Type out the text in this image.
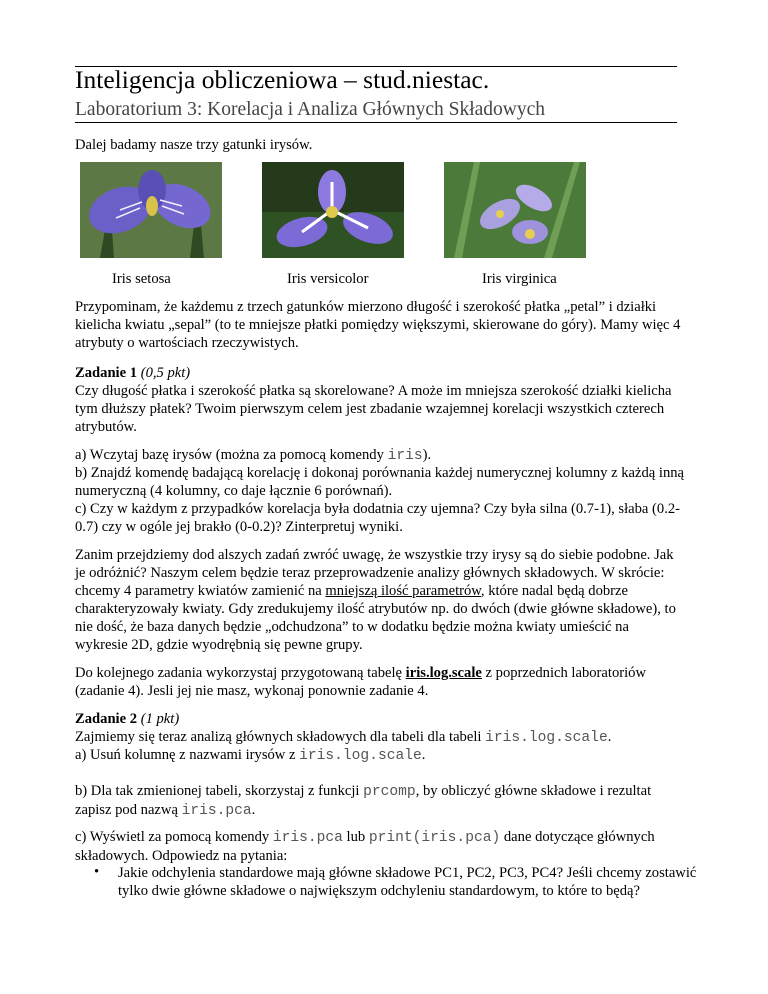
Inteligencja obliczeniowa – stud.niestac.
Laboratorium 3: Korelacja i Analiza Głównych Składowych

Dalej badamy nasze trzy gatunki irysów.

Iris setosa	Iris versicolor	Iris virginica

Przypominam, że każdemu z trzech gatunków mierzono długość i szerokość płatka „petal” i działki kielicha kwiatu „sepal” (to te mniejsze płatki pomiędzy większymi, skierowane do góry). Mamy więc 4 atrybuty o wartościach rzeczywistych.

Zadanie 1 (0,5 pkt)

Czy długość płatka i szerokość płatka są skorelowane? A może im mniejsza szerokość działki kielicha tym dłuższy płatek? Twoim pierwszym celem jest zbadanie wzajemnej korelacji wszystkich czterech atrybutów.

a) Wczytaj bazę irysów (można za pomocą komendy iris).

b) Znajdź komendę badającą korelację i dokonaj porównania każdej numerycznej kolumny z każdą inną numeryczną (4 kolumny, co daje łącznie 6 porównań).

c) Czy w każdym z przypadków korelacja była dodatnia czy ujemna? Czy była silna (0.7-1), słaba (0.2-0.7) czy w ogóle jej brakło (0-0.2)? Zinterpretuj wyniki.

Zanim przejdziemy dod alszych zadań zwróć uwagę, że wszystkie trzy irysy są do siebie podobne. Jak je odróżnić? Naszym celem będzie teraz przeprowadzenie analizy głównych składowych. W skrócie: chcemy 4 parametry kwiatów zamienić na mniejszą ilość parametrów, które nadal będą dobrze charakteryzowały kwiaty. Gdy zredukujemy ilość atrybutów np. do dwóch (dwie główne składowe), to nie dość, że baza danych będzie „odchudzona” to w dodatku będzie można kwiaty umieścić na wykresie 2D, gdzie wyodrębnią się pewne grupy.

Do kolejnego zadania wykorzystaj przygotowaną tabelę iris.log.scale z poprzednich laboratoriów (zadanie 4). Jesli jej nie masz, wykonaj ponownie zadanie 4.

Zadanie 2 (1 pkt)

Zajmiemy się teraz analizą głównych składowych dla tabeli dla tabeli iris.log.scale.

a) Usuń kolumnę z nazwami irysów z iris.log.scale.

b) Dla tak zmienionej tabeli, skorzystaj z funkcji prcomp, by obliczyć główne składowe i rezultat zapisz pod nazwą iris.pca.

c) Wyświetl za pomocą komendy iris.pca lub print(iris.pca) dane dotyczące głównych składowych. Odpowiedz na pytania:

• Jakie odchylenia standardowe mają główne składowe PC1, PC2, PC3, PC4? Jeśli chcemy zostawić tylko dwie główne składowe o największym odchyleniu standardowym, to które to będą?
